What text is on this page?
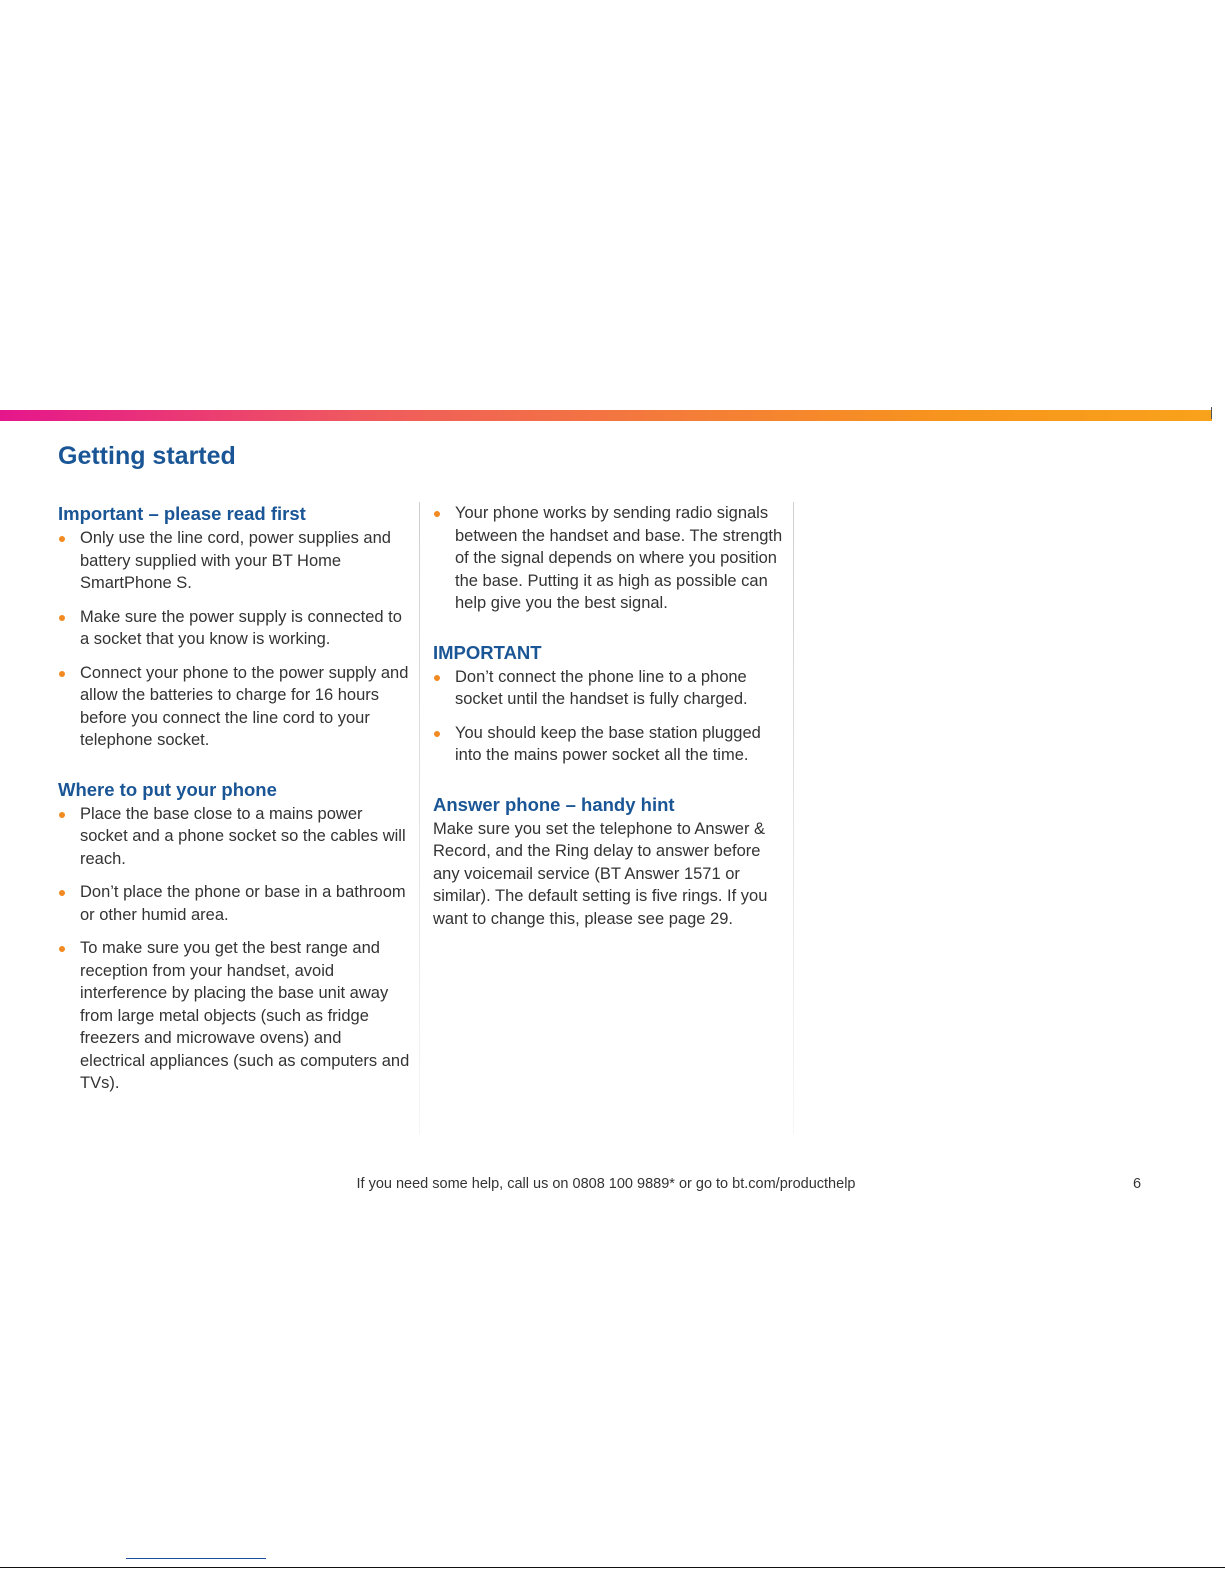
Getting started
Important – please read first
Only use the line cord, power supplies and battery supplied with your BT Home SmartPhone S.
Make sure the power supply is connected to a socket that you know is working.
Connect your phone to the power supply and allow the batteries to charge for 16 hours before you connect the line cord to your telephone socket.
Where to put your phone
Place the base close to a mains power socket and a phone socket so the cables will reach.
Don’t place the phone or base in a bathroom or other humid area.
To make sure you get the best range and reception from your handset, avoid interference by placing the base unit away from large metal objects (such as fridge freezers and microwave ovens) and electrical appliances (such as computers and TVs).
Your phone works by sending radio signals between the handset and base. The strength of the signal depends on where you position the base. Putting it as high as possible can help give you the best signal.
IMPORTANT
Don’t connect the phone line to a phone socket until the handset is fully charged.
You should keep the base station plugged into the mains power socket all the time.
Answer phone – handy hint

Make sure you set the telephone to Answer & Record, and the Ring delay to answer before any voicemail service (BT Answer 1571 or similar). The default setting is five rings. If you want to change this, please see page 29.

If you need some help, call us on 0808 100 9889* or go to bt.com/producthelp	6
